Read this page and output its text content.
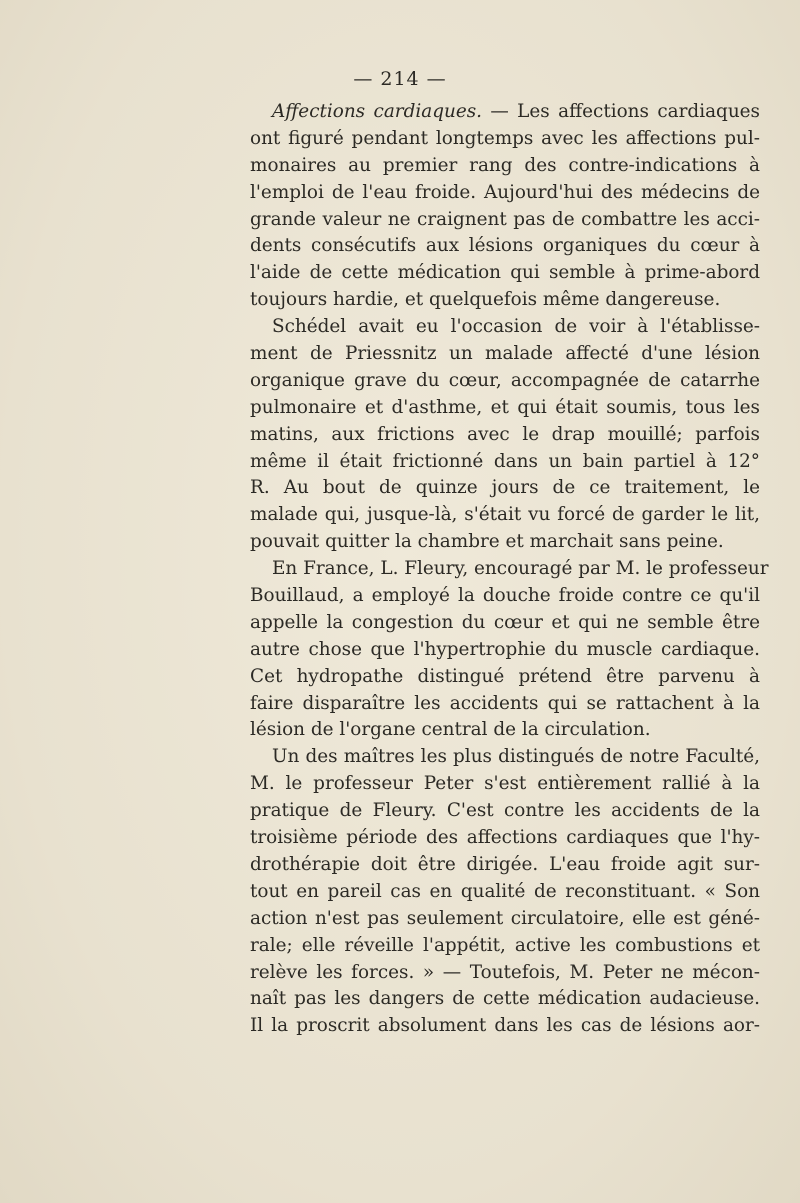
— 214 —
Affections cardiaques. — Les affections cardiaques
ont figuré pendant longtemps avec les affections pul-
monaires au premier rang des contre-indications à
l'emploi de l'eau froide. Aujourd'hui des médecins de
grande valeur ne craignent pas de combattre les acci-
dents consécutifs aux lésions organiques du cœur à
l'aide de cette médication qui semble à prime-abord
toujours hardie, et quelquefois même dangereuse.
Schédel avait eu l'occasion de voir à l'établisse-
ment de Priessnitz un malade affecté d'une lésion
organique grave du cœur, accompagnée de catarrhe
pulmonaire et d'asthme, et qui était soumis, tous les
matins, aux frictions avec le drap mouillé; parfois
même il était frictionné dans un bain partiel à 12°
R. Au bout de quinze jours de ce traitement, le
malade qui, jusque-là, s'était vu forcé de garder le lit,
pouvait quitter la chambre et marchait sans peine.
En France, L. Fleury, encouragé par M. le professeur
Bouillaud, a employé la douche froide contre ce qu'il
appelle la congestion du cœur et qui ne semble être
autre chose que l'hypertrophie du muscle cardiaque.
Cet hydropathe distingué prétend être parvenu à
faire disparaître les accidents qui se rattachent à la
lésion de l'organe central de la circulation.
Un des maîtres les plus distingués de notre Faculté,
M. le professeur Peter s'est entièrement rallié à la
pratique de Fleury. C'est contre les accidents de la
troisième période des affections cardiaques que l'hy-
drothérapie doit être dirigée. L'eau froide agit sur-
tout en pareil cas en qualité de reconstituant. « Son
action n'est pas seulement circulatoire, elle est géné-
rale; elle réveille l'appétit, active les combustions et
relève les forces. » — Toutefois, M. Peter ne mécon-
naît pas les dangers de cette médication audacieuse.
Il la proscrit absolument dans les cas de lésions aor-
